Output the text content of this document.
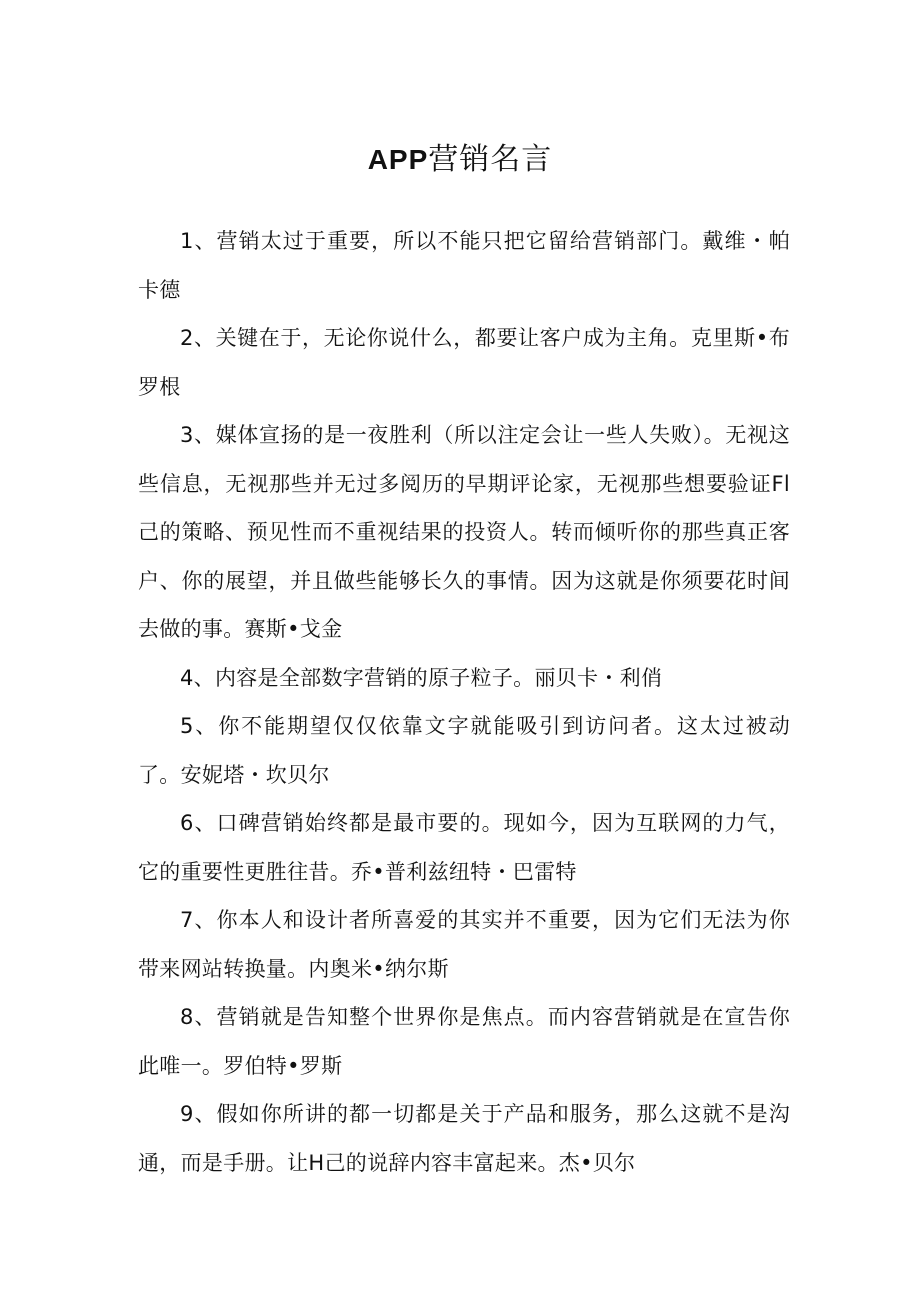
APP营销名言

1、营销太过于重要，所以不能只把它留给营销部门。戴维・帕卡德

2、关键在于，无论你说什么，都要让客户成为主角。克里斯•布罗根

3、媒体宣扬的是一夜胜利（所以注定会让一些人失败）。无视这些信息，无视那些并无过多阅历的早期评论家，无视那些想要验证Fl己的策略、预见性而不重视结果的投资人。转而倾听你的那些真正客户、你的展望，并且做些能够长久的事情。因为这就是你须要花时间去做的事。赛斯•戈金

4、内容是全部数字营销的原子粒子。丽贝卡・利俏

5、你不能期望仅仅依靠文字就能吸引到访问者。这太过被动了。安妮塔・坎贝尔

6、口碑营销始终都是最市要的。现如今，因为互联网的力气，它的重要性更胜往昔。乔•普利兹纽特・巴雷特

7、你本人和设计者所喜爱的其实并不重要，因为它们无法为你带来网站转换量。内奥米•纳尔斯

8、营销就是告知整个世界你是焦点。而内容营销就是在宣告你此唯一。罗伯特•罗斯

9、假如你所讲的都一切都是关于产品和服务，那么这就不是沟通，而是手册。让H己的说辞内容丰富起来。杰•贝尔
